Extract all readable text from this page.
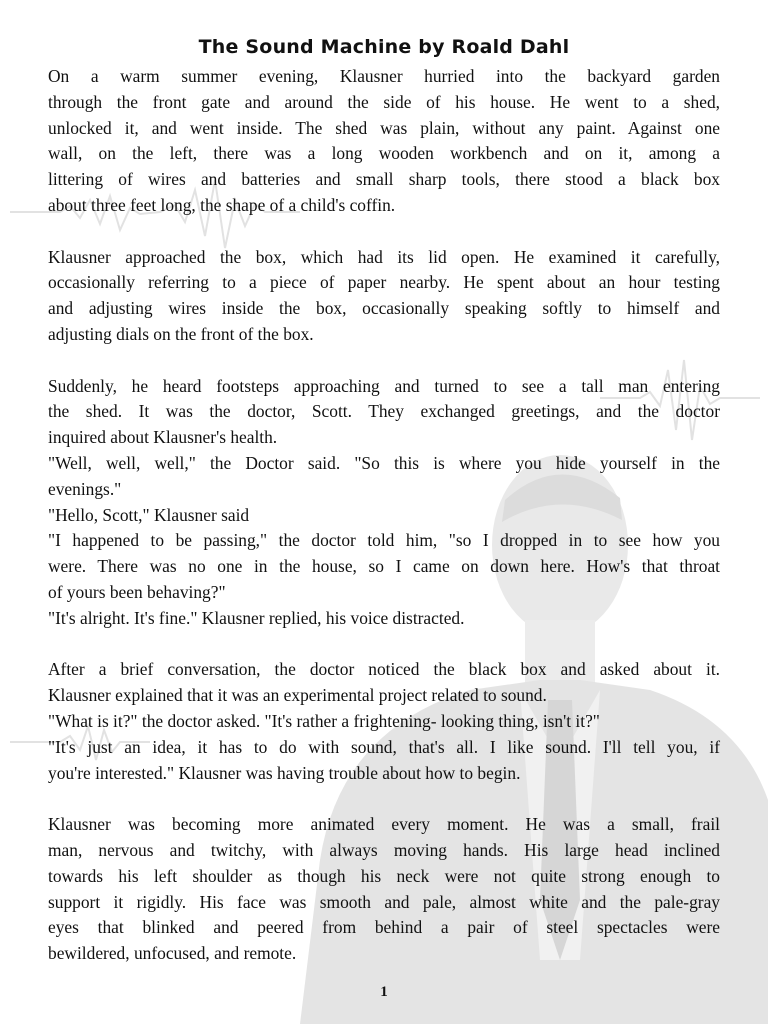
The Sound Machine by Roald Dahl
On a warm summer evening, Klausner hurried into the backyard garden
through the front gate and around the side of his house. He went to a shed,
unlocked it, and went inside. The shed was plain, without any paint. Against one
wall, on the left, there was a long wooden workbench and on it, among a
littering of wires and batteries and small sharp tools, there stood a black box
about three feet long, the shape of a child's coffin.
Klausner approached the box, which had its lid open. He examined it carefully,
occasionally referring to a piece of paper nearby. He spent about an hour testing
and adjusting wires inside the box, occasionally speaking softly to himself and
adjusting dials on the front of the box.
Suddenly, he heard footsteps approaching and turned to see a tall man entering
the shed. It was the doctor, Scott. They exchanged greetings, and the doctor
inquired about Klausner's health.
"Well, well, well," the Doctor said. "So this is where you hide yourself in the
evenings."
"Hello, Scott," Klausner said
"I happened to be passing," the doctor told him, "so I dropped in to see how you
were. There was no one in the house, so I came on down here. How's that throat
of yours been behaving?"
"It's alright. It's fine." Klausner replied, his voice distracted.
After a brief conversation, the doctor noticed the black box and asked about it.
Klausner explained that it was an experimental project related to sound.
"What is it?" the doctor asked. "It's rather a frightening- looking thing, isn't it?"
"It's just an idea, it has to do with sound, that's all. I like sound. I'll tell you, if
you're interested." Klausner was having trouble about how to begin.
Klausner was becoming more animated every moment. He was a small, frail
man, nervous and twitchy, with always moving hands. His large head inclined
towards his left shoulder as though his neck were not quite strong enough to
support it rigidly. His face was smooth and pale, almost white and the pale-gray
eyes that blinked and peered from behind a pair of steel spectacles were
bewildered, unfocused, and remote.
1
